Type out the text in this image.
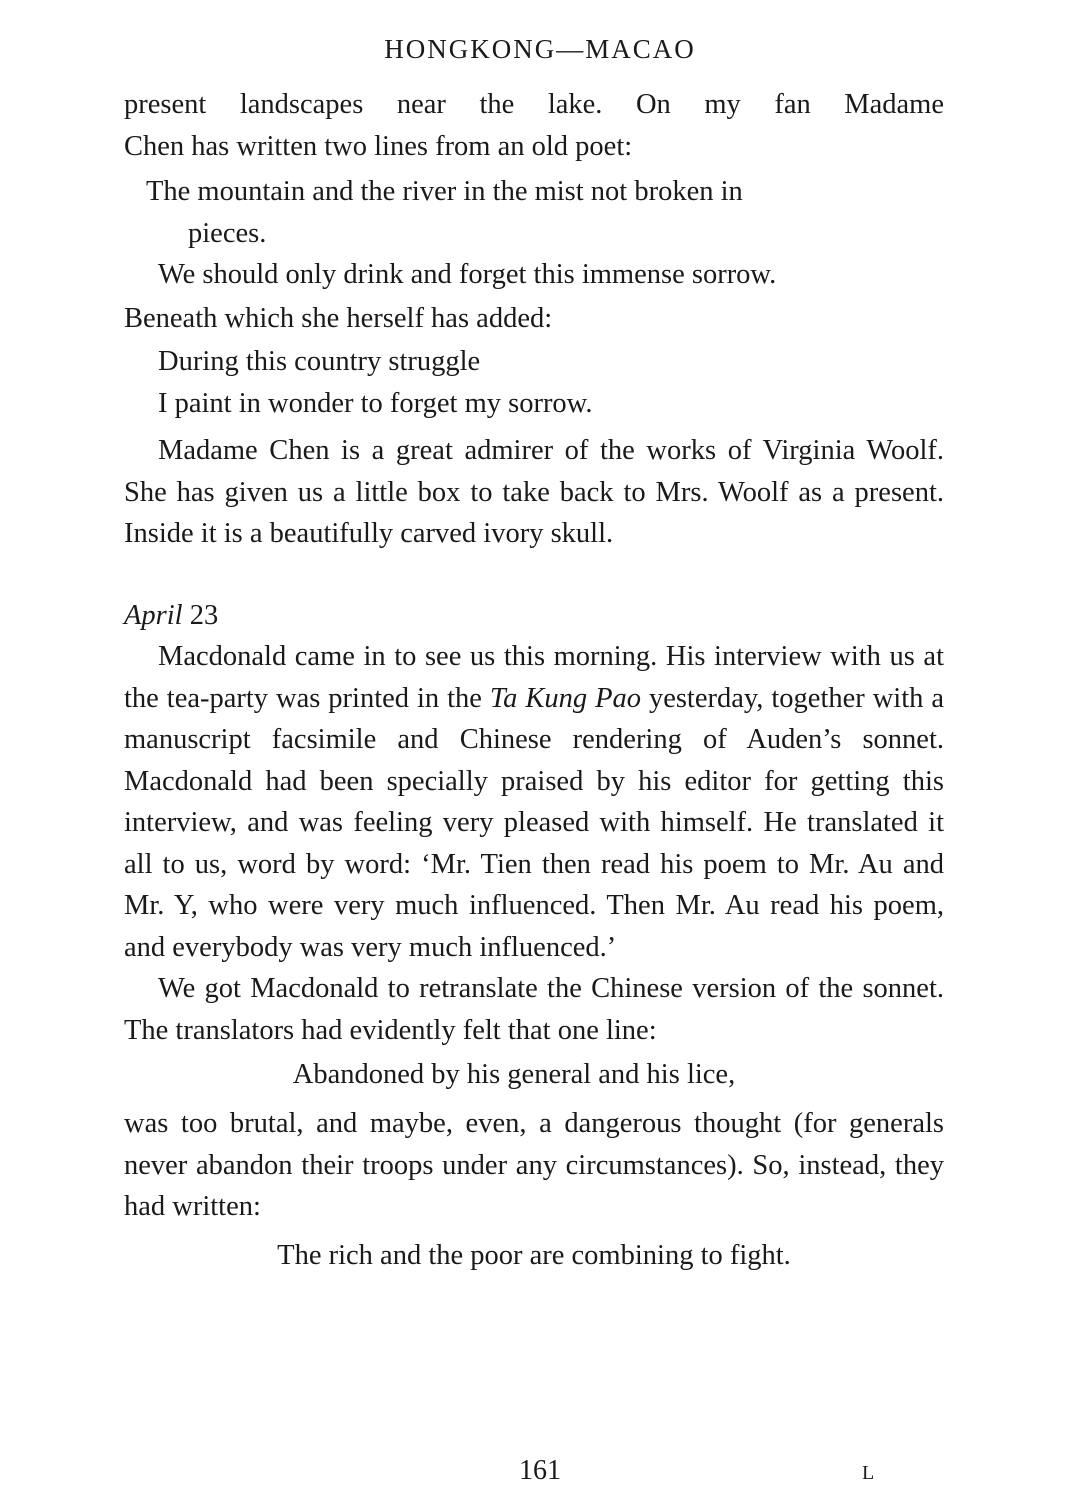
HONGKONG—MACAO

present landscapes near the lake. On my fan Madame
Chen has written two lines from an old poet:

The mountain and the river in the mist not broken in
pieces.
We should only drink and forget this immense sorrow.

Beneath which she herself has added:

During this country struggle
I paint in wonder to forget my sorrow.

Madame Chen is a great admirer of the works of Virginia Woolf. She has given us a little box to take back to Mrs. Woolf as a present. Inside it is a beautifully carved ivory skull.

April 23

Macdonald came in to see us this morning. His interview with us at the tea-party was printed in the Ta Kung Pao yesterday, together with a manuscript facsimile and Chinese rendering of Auden’s sonnet. Macdonald had been specially praised by his editor for getting this interview, and was feeling very pleased with himself. He translated it all to us, word by word: ‘Mr. Tien then read his poem to Mr. Au and Mr. Y, who were very much influenced. Then Mr. Au read his poem, and everybody was very much influenced.’

We got Macdonald to retranslate the Chinese version of the sonnet. The translators had evidently felt that one line:

Abandoned by his general and his lice,

was too brutal, and maybe, even, a dangerous thought (for generals never abandon their troops under any circumstances). So, instead, they had written:

The rich and the poor are combining to fight.

161	L
